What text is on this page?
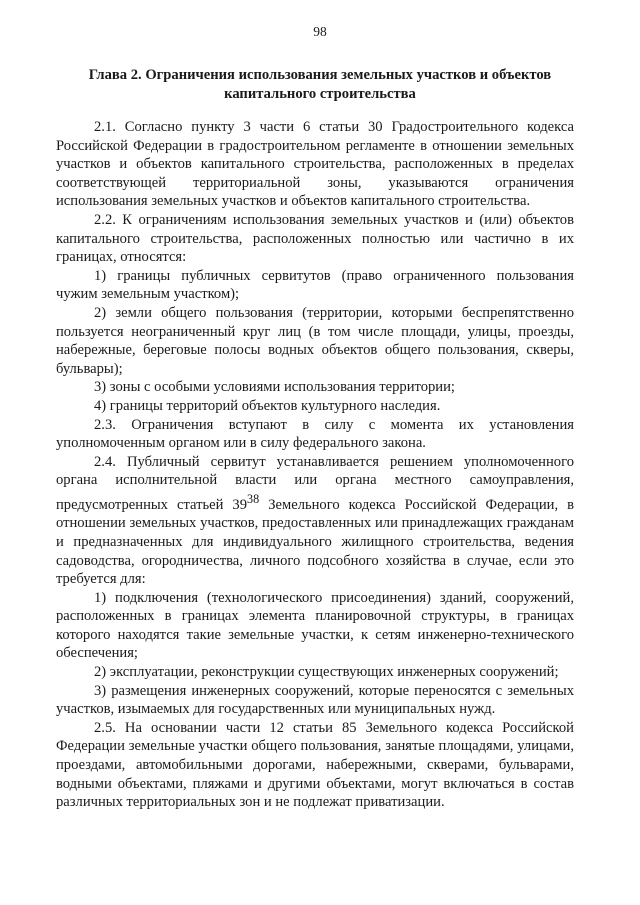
98
Глава 2. Ограничения использования земельных участков и объектов
капитального строительства

2.1. Согласно пункту 3 части 6 статьи 30 Градостроительного кодекса Российской Федерации в градостроительном регламенте в отношении земельных участков и объектов капитального строительства, расположенных в пределах соответствующей территориальной зоны, указываются ограничения использования земельных участков и объектов капитального строительства.

2.2. К ограничениям использования земельных участков и (или) объектов капитального строительства, расположенных полностью или частично в их границах, относятся:

1) границы публичных сервитутов (право ограниченного пользования чужим земельным участком);

2) земли общего пользования (территории, которыми беспрепятственно пользуется неограниченный круг лиц (в том числе площади, улицы, проезды, набережные, береговые полосы водных объектов общего пользования, скверы, бульвары);

3) зоны с особыми условиями использования территории;

4) границы территорий объектов культурного наследия.

2.3. Ограничения вступают в силу с момента их установления уполномоченным органом или в силу федерального закона.

2.4. Публичный сервитут устанавливается решением уполномоченного органа исполнительной власти или органа местного самоуправления, предусмотренных статьей $39^{38}$ Земельного кодекса Российской Федерации, в отношении земельных участков, предоставленных или принадлежащих гражданам и предназначенных для индивидуального жилищного строительства, ведения садоводства, огородничества, личного подсобного хозяйства в случае, если это требуется для:

1) подключения (технологического присоединения) зданий, сооружений, расположенных в границах элемента планировочной структуры, в границах которого находятся такие земельные участки, к сетям инженерно-технического обеспечения;

2) эксплуатации, реконструкции существующих инженерных сооружений;

3) размещения инженерных сооружений, которые переносятся с земельных участков, изымаемых для государственных или муниципальных нужд.

2.5. На основании части 12 статьи 85 Земельного кодекса Российской Федерации земельные участки общего пользования, занятые площадями, улицами, проездами, автомобильными дорогами, набережными, скверами, бульварами, водными объектами, пляжами и другими объектами, могут включаться в состав различных территориальных зон и не подлежат приватизации.
